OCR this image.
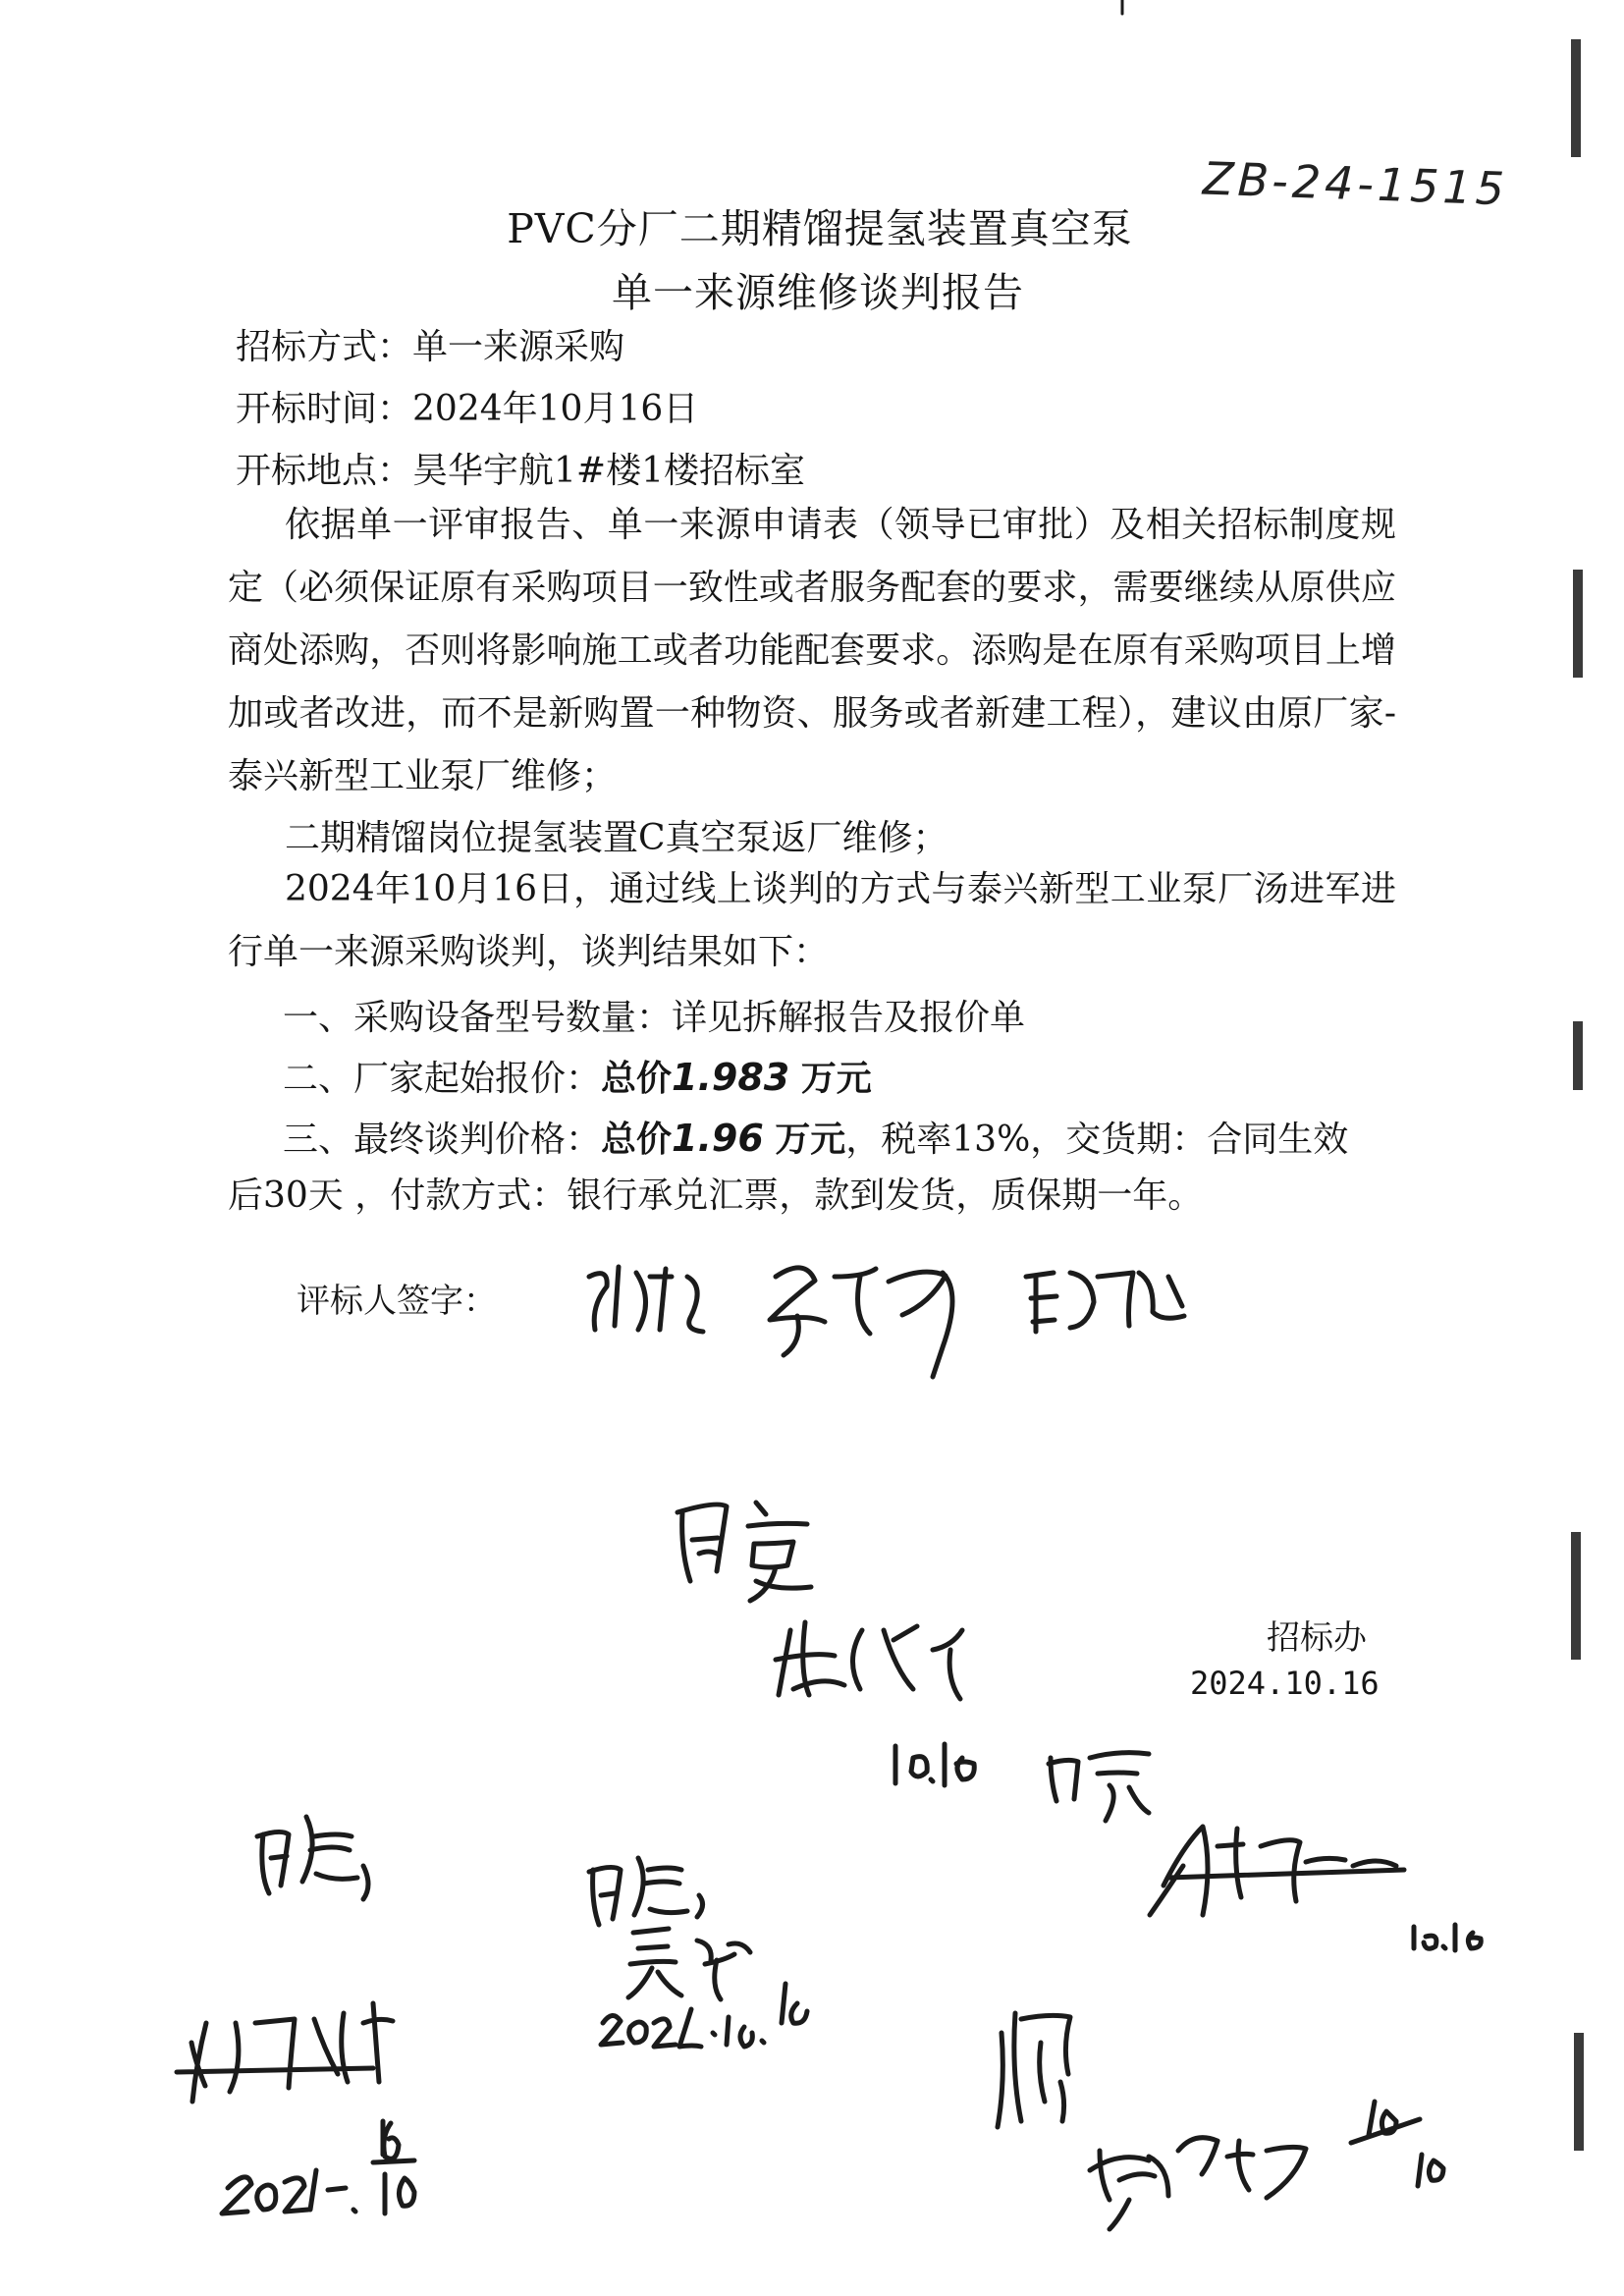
ZB-24-1515
PVC分厂二期精馏提氢装置真空泵
单一来源维修谈判报告
招标方式：单一来源采购
开标时间：2024年10月16日
开标地点：昊华宇航1#楼1楼招标室

依据单一评审报告、单一来源申请表（领导已审批）及相关招标制度规定（必须保证原有采购项目一致性或者服务配套的要求，需要继续从原供应商处添购，否则将影响施工或者功能配套要求。添购是在原有采购项目上增加或者改进，而不是新购置一种物资、服务或者新建工程），建议由原厂家-泰兴新型工业泵厂维修；

二期精馏岗位提氢装置C真空泵返厂维修；

2024年10月16日，通过线上谈判的方式与泰兴新型工业泵厂汤进军进行单一来源采购谈判，谈判结果如下：

一、采购设备型号数量：详见拆解报告及报价单
二、厂家起始报价：总价1.983 万元
三、最终谈判价格：总价1.96 万元，税率13%，交货期：合同生效
后30天 ，付款方式：银行承兑汇票，款到发货，质保期一年。
评标人签字：
招标办
2024.10.16
